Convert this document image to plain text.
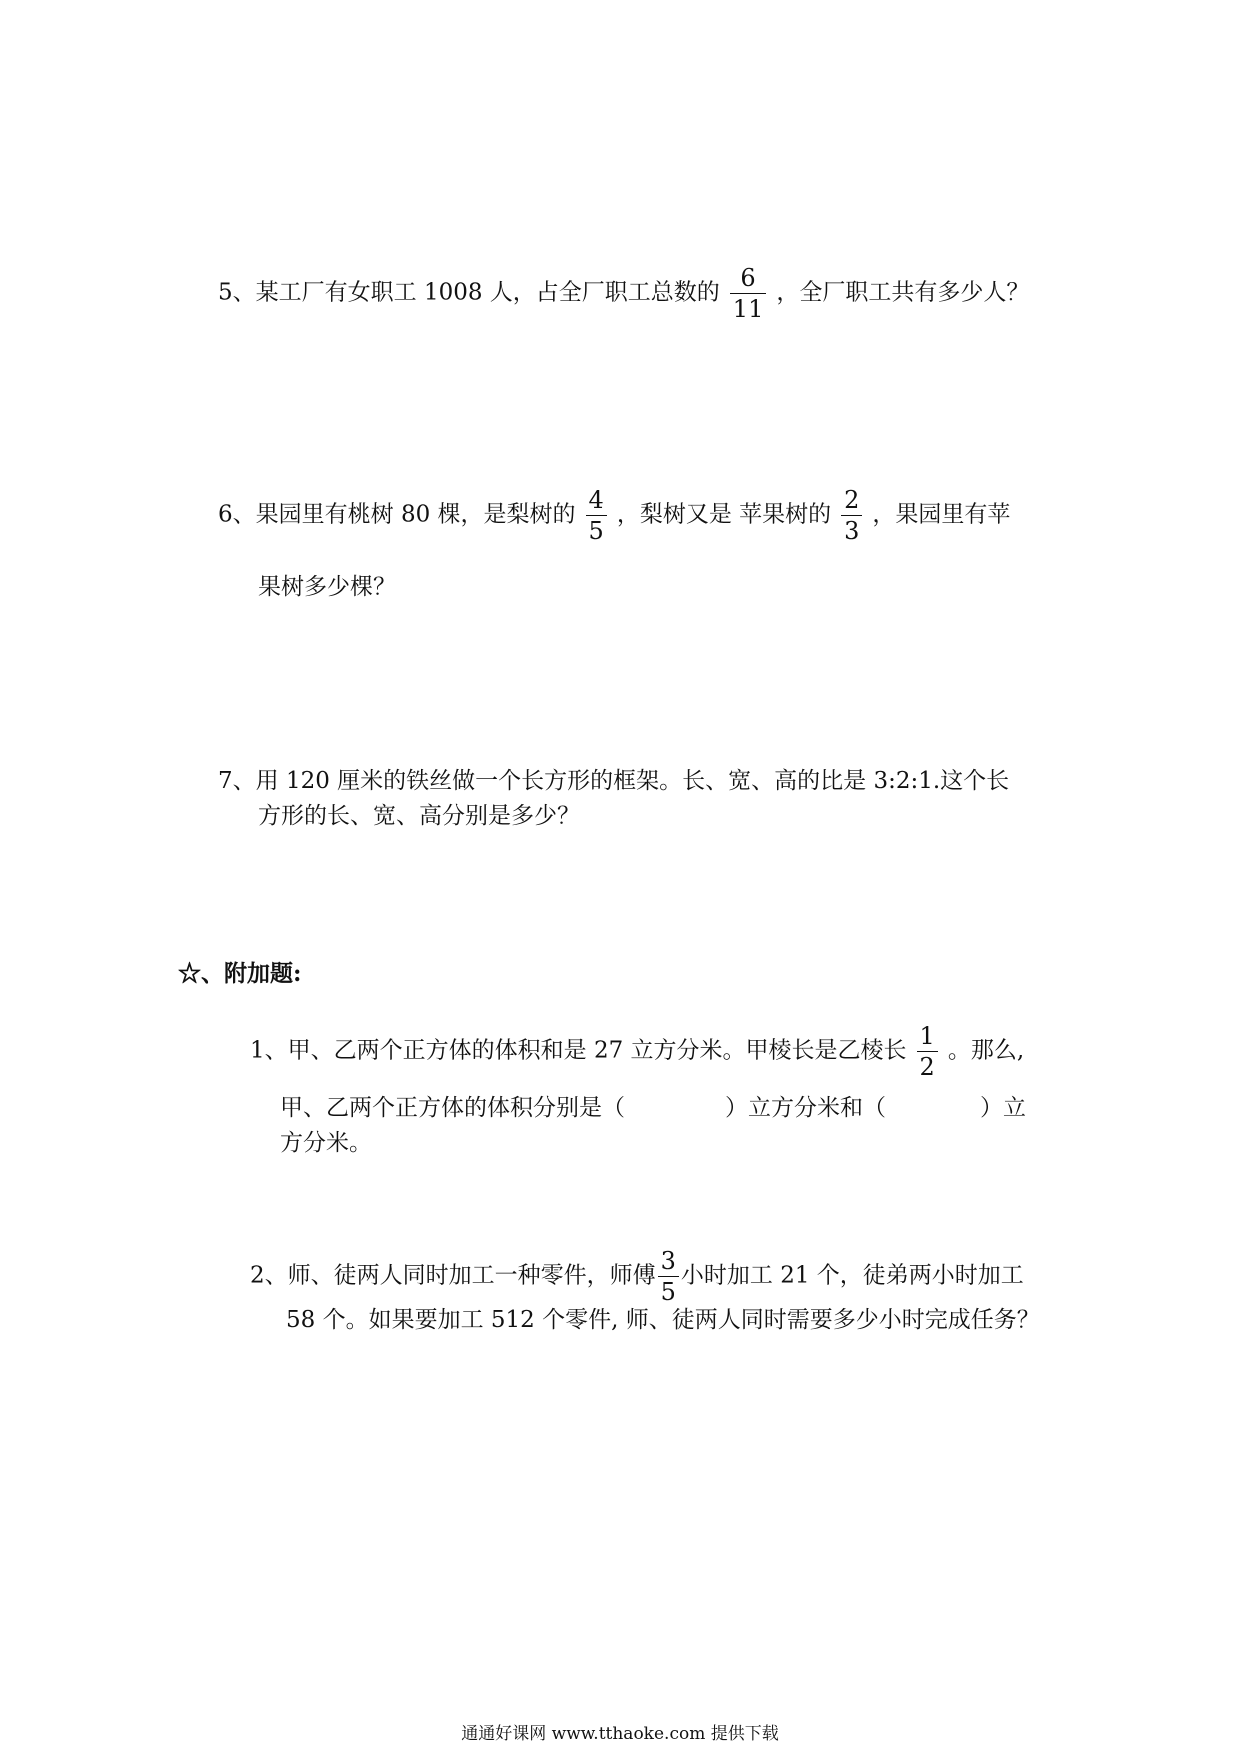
5、某工厂有女职工 1008 人，占全厂职工总数的 $\frac{6}{11}$ ，全厂职工共有多少人？
6、果园里有桃树 80 棵，是梨树的 $\frac{4}{5}$ ，梨树又是 苹果树的 $\frac{2}{3}$ ，果园里有苹
果树多少棵？
7、用 120 厘米的铁丝做一个长方形的框架。长、宽、高的比是 3:2:1.这个长
方形的长、宽、高分别是多少？
☆、附加题:
1、甲、乙两个正方体的体积和是 27 立方分米。甲棱长是乙棱长 $\frac{1}{2}$ 。那么,
甲、乙两个正方体的体积分别是（	）立方分米和（	）立
方分米。
2、师、徒两人同时加工一种零件，师傅 $\frac{3}{5}$ 小时加工 21 个，徒弟两小时加工
58 个。如果要加工 512 个零件, 师、徒两人同时需要多少小时完成任务？
通通好课网 www.tthaoke.com 提供下载
